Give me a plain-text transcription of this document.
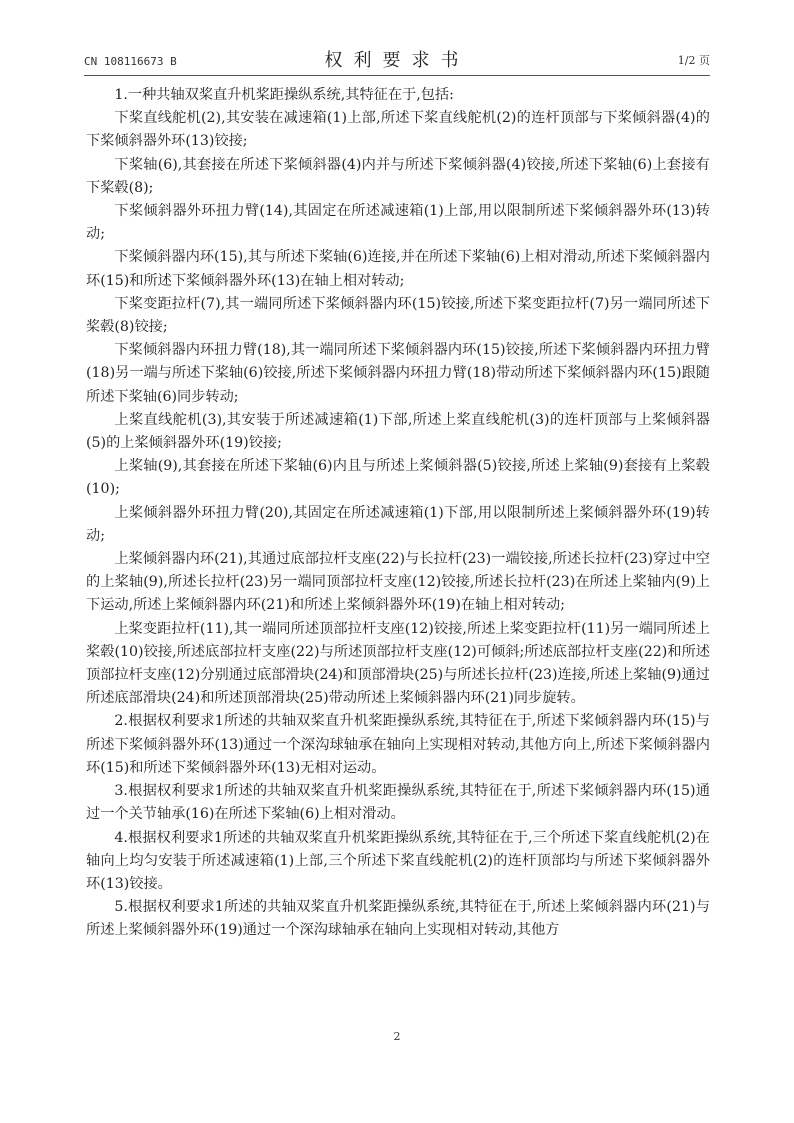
CN 108116673 B	权利要求书	1/2 页

1.一种共轴双桨直升机桨距操纵系统,其特征在于,包括:

下桨直线舵机(2),其安装在减速箱(1)上部,所述下桨直线舵机(2)的连杆顶部与下桨倾斜器(4)的下桨倾斜器外环(13)铰接;

下桨轴(6),其套接在所述下桨倾斜器(4)内并与所述下桨倾斜器(4)铰接,所述下桨轴(6)上套接有下桨毂(8);

下桨倾斜器外环扭力臂(14),其固定在所述减速箱(1)上部,用以限制所述下桨倾斜器外环(13)转动;

下桨倾斜器内环(15),其与所述下桨轴(6)连接,并在所述下桨轴(6)上相对滑动,所述下桨倾斜器内环(15)和所述下桨倾斜器外环(13)在轴上相对转动;

下桨变距拉杆(7),其一端同所述下桨倾斜器内环(15)铰接,所述下桨变距拉杆(7)另一端同所述下桨毂(8)铰接;

下桨倾斜器内环扭力臂(18),其一端同所述下桨倾斜器内环(15)铰接,所述下桨倾斜器内环扭力臂(18)另一端与所述下桨轴(6)铰接,所述下桨倾斜器内环扭力臂(18)带动所述下桨倾斜器内环(15)跟随所述下桨轴(6)同步转动;

上桨直线舵机(3),其安装于所述减速箱(1)下部,所述上桨直线舵机(3)的连杆顶部与上桨倾斜器(5)的上桨倾斜器外环(19)铰接;

上桨轴(9),其套接在所述下桨轴(6)内且与所述上桨倾斜器(5)铰接,所述上桨轴(9)套接有上桨毂(10);

上桨倾斜器外环扭力臂(20),其固定在所述减速箱(1)下部,用以限制所述上桨倾斜器外环(19)转动;

上桨倾斜器内环(21),其通过底部拉杆支座(22)与长拉杆(23)一端铰接,所述长拉杆(23)穿过中空的上桨轴(9),所述长拉杆(23)另一端同顶部拉杆支座(12)铰接,所述长拉杆(23)在所述上桨轴内(9)上下运动,所述上桨倾斜器内环(21)和所述上桨倾斜器外环(19)在轴上相对转动;

上桨变距拉杆(11),其一端同所述顶部拉杆支座(12)铰接,所述上桨变距拉杆(11)另一端同所述上桨毂(10)铰接,所述底部拉杆支座(22)与所述顶部拉杆支座(12)可倾斜;所述底部拉杆支座(22)和所述顶部拉杆支座(12)分别通过底部滑块(24)和顶部滑块(25)与所述长拉杆(23)连接,所述上桨轴(9)通过所述底部滑块(24)和所述顶部滑块(25)带动所述上桨倾斜器内环(21)同步旋转。

2.根据权利要求1所述的共轴双桨直升机桨距操纵系统,其特征在于,所述下桨倾斜器内环(15)与所述下桨倾斜器外环(13)通过一个深沟球轴承在轴向上实现相对转动,其他方向上,所述下桨倾斜器内环(15)和所述下桨倾斜器外环(13)无相对运动。

3.根据权利要求1所述的共轴双桨直升机桨距操纵系统,其特征在于,所述下桨倾斜器内环(15)通过一个关节轴承(16)在所述下桨轴(6)上相对滑动。

4.根据权利要求1所述的共轴双桨直升机桨距操纵系统,其特征在于,三个所述下桨直线舵机(2)在轴向上均匀安装于所述减速箱(1)上部,三个所述下桨直线舵机(2)的连杆顶部均与所述下桨倾斜器外环(13)铰接。

5.根据权利要求1所述的共轴双桨直升机桨距操纵系统,其特征在于,所述上桨倾斜器内环(21)与所述上桨倾斜器外环(19)通过一个深沟球轴承在轴向上实现相对转动,其他方

2
